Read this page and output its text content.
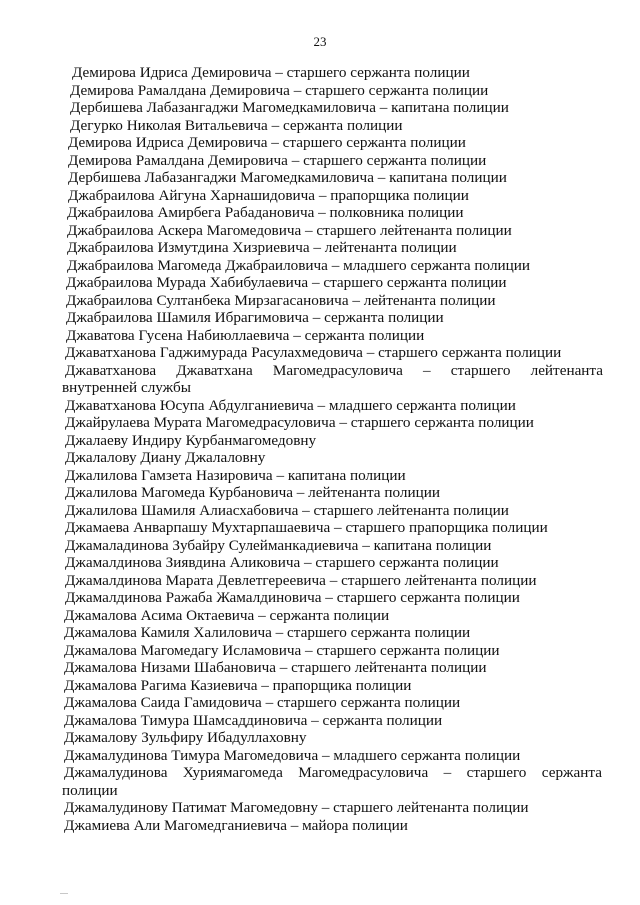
23
Демирова Идриса Демировича – старшего сержанта полиции
Демирова Рамалдана Демировича – старшего сержанта полиции
Дербишева Лабазангаджи Магомедкамиловича – капитана полиции
Дегурко Николая Витальевича – сержанта полиции
Демирова Идриса Демировича – старшего сержанта полиции
Демирова Рамалдана Демировича – старшего сержанта полиции
Дербишева Лабазангаджи Магомедкамиловича – капитана полиции
Джабраилова Айгуна Харнашидовича – прапорщика полиции
Джабраилова Амирбега Рабадановича – полковника полиции
Джабраилова Аскера Магомедовича – старшего лейтенанта полиции
Джабраилова Измутдина Хизриевича – лейтенанта полиции
Джабраилова Магомеда Джабраиловича – младшего сержанта полиции
Джабраилова Мурада Хабибулаевича – старшего сержанта полиции
Джабраилова Султанбека Мирзагасановича – лейтенанта полиции
Джабраилова Шамиля Ибрагимовича – сержанта полиции
Джаватова Гусена Набиюллаевича – сержанта полиции
Джаватханова Гаджимурада Расулахмедовича – старшего сержанта полиции
Джаватханова Джаватхана Магомедрасуловича – старшего лейтенанта
внутренней службы
Джаватханова Юсупа Абдулганиевича – младшего сержанта полиции
Джайрулаева Мурата Магомедрасуловича – старшего сержанта полиции
Джалаеву Индиру Курбанмагомедовну
Джалалову Диану Джалаловну
Джалилова Гамзета Назировича – капитана полиции
Джалилова Магомеда Курбановича – лейтенанта полиции
Джалилова Шамиля Алиасхабовича – старшего лейтенанта полиции
Джамаева Анварпашу Мухтарпашаевича – старшего прапорщика полиции
Джамаладинова Зубайру Сулейманкадиевича – капитана полиции
Джамалдинова Зиявдина Аликовича – старшего сержанта полиции
Джамалдинова Марата Девлетгереевича – старшего лейтенанта полиции
Джамалдинова Ражаба Жамалдиновича – старшего сержанта полиции
Джамалова Асима Октаевича – сержанта полиции
Джамалова Камиля Халиловича – старшего сержанта полиции
Джамалова Магомедагу Исламовича – старшего сержанта полиции
Джамалова Низами Шабановича – старшего лейтенанта полиции
Джамалова Рагима Казиевича – прапорщика полиции
Джамалова Саида Гамидовича – старшего сержанта полиции
Джамалова Тимура Шамсаддиновича – сержанта полиции
Джамалову Зульфиру Ибадуллаховну
Джамалудинова Тимура Магомедовича – младшего сержанта полиции
Джамалудинова Хуриямагомеда Магомедрасуловича – старшего сержанта
полиции
Джамалудинову Патимат Магомедовну – старшего лейтенанта полиции
Джамиева Али Магомедганиевича – майора полиции
